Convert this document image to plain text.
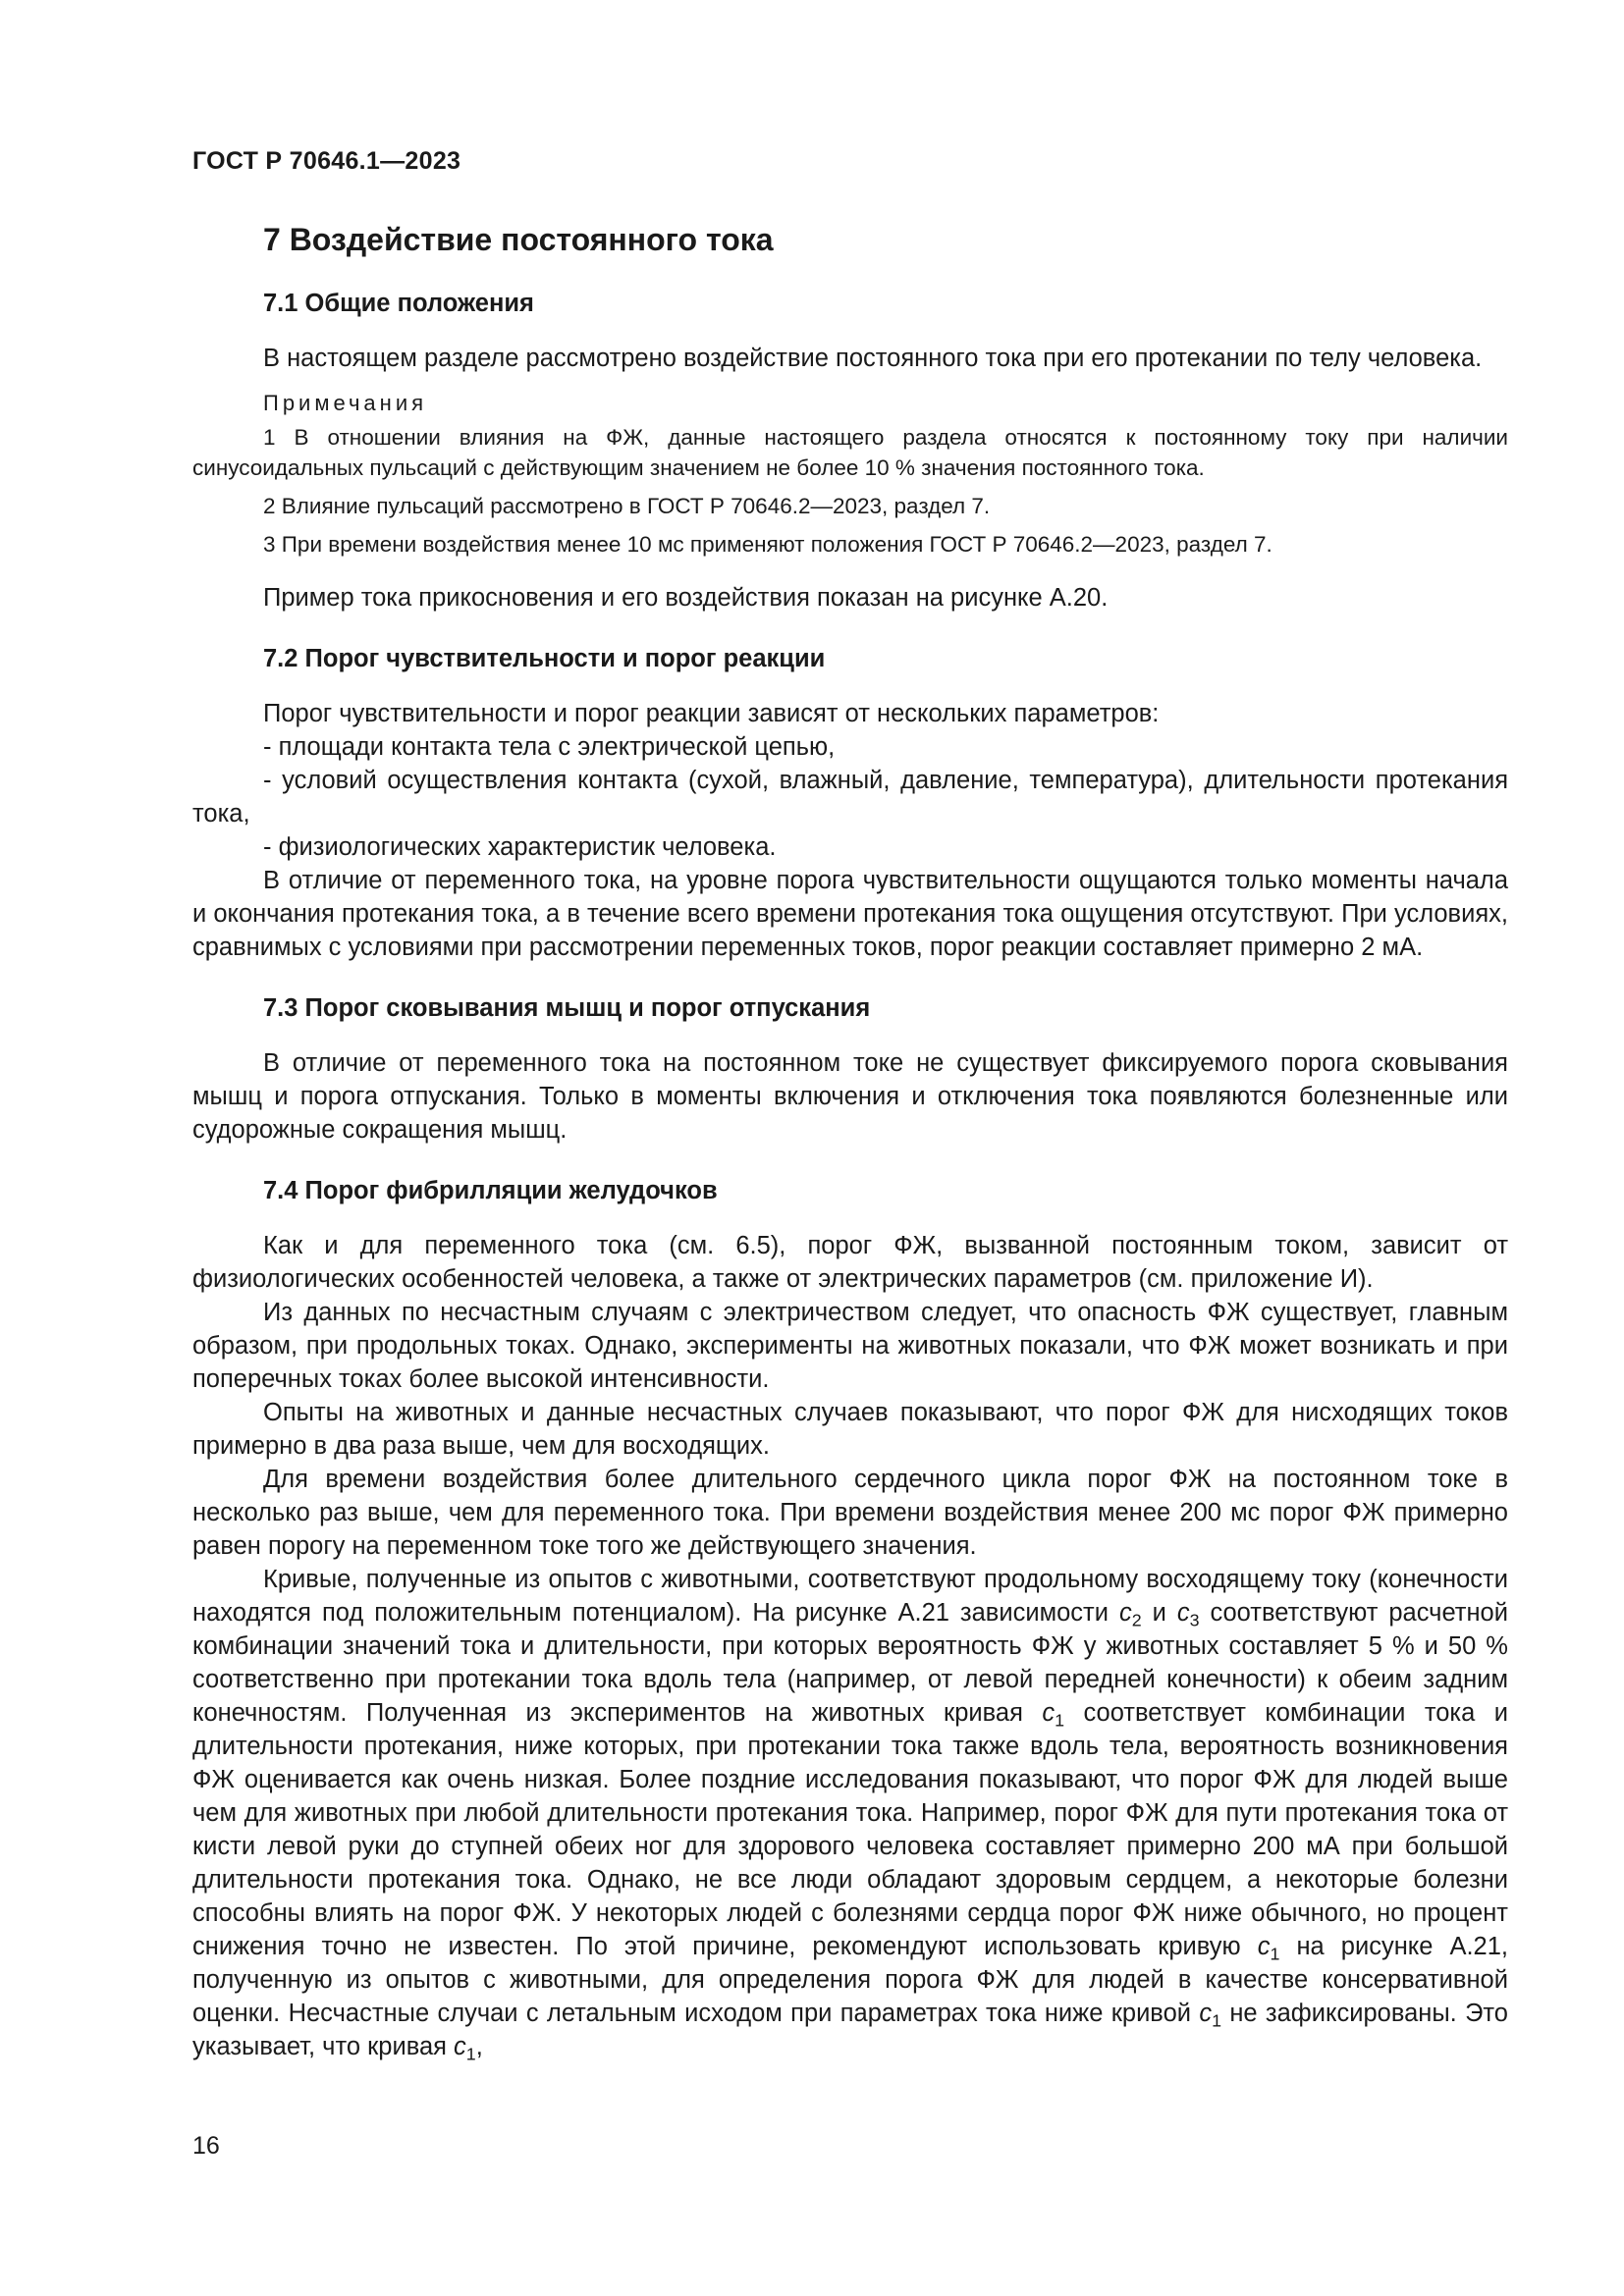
ГОСТ Р 70646.1—2023
7 Воздействие постоянного тока

7.1 Общие положения

В настоящем разделе рассмотрено воздействие постоянного тока при его протекании по телу человека.

Примечания

1 В отношении влияния на ФЖ, данные настоящего раздела относятся к постоянному току при наличии синусоидальных пульсаций с действующим значением не более 10 % значения постоянного тока.

2 Влияние пульсаций рассмотрено в ГОСТ Р 70646.2—2023, раздел 7.

3 При времени воздействия менее 10 мс применяют положения ГОСТ Р 70646.2—2023, раздел 7.

Пример тока прикосновения и его воздействия показан на рисунке А.20.

7.2 Порог чувствительности и порог реакции

Порог чувствительности и порог реакции зависят от нескольких параметров:

- площади контакта тела с электрической цепью,

- условий осуществления контакта (сухой, влажный, давление, температура), длительности протекания тока,

- физиологических характеристик человека.

В отличие от переменного тока, на уровне порога чувствительности ощущаются только моменты начала и окончания протекания тока, а в течение всего времени протекания тока ощущения отсутствуют. При условиях, сравнимых с условиями при рассмотрении переменных токов, порог реакции составляет примерно 2 мА.

7.3 Порог сковывания мышц и порог отпускания

В отличие от переменного тока на постоянном токе не существует фиксируемого порога сковывания мышц и порога отпускания. Только в моменты включения и отключения тока появляются болезненные или судорожные сокращения мышц.

7.4 Порог фибрилляции желудочков

Как и для переменного тока (см. 6.5), порог ФЖ, вызванной постоянным током, зависит от физиологических особенностей человека, а также от электрических параметров (см. приложение И).

Из данных по несчастным случаям с электричеством следует, что опасность ФЖ существует, главным образом, при продольных токах. Однако, эксперименты на животных показали, что ФЖ может возникать и при поперечных токах более высокой интенсивности.

Опыты на животных и данные несчастных случаев показывают, что порог ФЖ для нисходящих токов примерно в два раза выше, чем для восходящих.

Для времени воздействия более длительного сердечного цикла порог ФЖ на постоянном токе в несколько раз выше, чем для переменного тока. При времени воздействия менее 200 мс порог ФЖ примерно равен порогу на переменном токе того же действующего значения.

Кривые, полученные из опытов с животными, соответствуют продольному восходящему току (конечности находятся под положительным потенциалом). На рисунке А.21 зависимости $c_2$ и $c_3$ соответствуют расчетной комбинации значений тока и длительности, при которых вероятность ФЖ у животных составляет 5 % и 50 % соответственно при протекании тока вдоль тела (например, от левой передней конечности) к обеим задним конечностям. Полученная из экспериментов на животных кривая $c_1$ соответствует комбинации тока и длительности протекания, ниже которых, при протекании тока также вдоль тела, вероятность возникновения ФЖ оценивается как очень низкая. Более поздние исследования показывают, что порог ФЖ для людей выше чем для животных при любой длительности протекания тока. Например, порог ФЖ для пути протекания тока от кисти левой руки до ступней обеих ног для здорового человека составляет примерно 200 мА при большой длительности протекания тока. Однако, не все люди обладают здоровым сердцем, а некоторые болезни способны влиять на порог ФЖ. У некоторых людей с болезнями сердца порог ФЖ ниже обычного, но процент снижения точно не известен. По этой причине, рекомендуют использовать кривую $c_1$ на рисунке А.21, полученную из опытов с животными, для определения порога ФЖ для людей в качестве консервативной оценки. Несчастные случаи с летальным исходом при параметрах тока ниже кривой $c_1$ не зафиксированы. Это указывает, что кривая $c_1$,

16
